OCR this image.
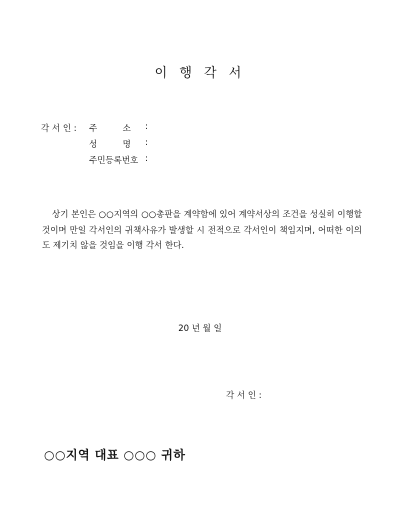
이 행 각 서
각 서 인 : 주	소 :
성	명 :
주민등록번호 :
상기 본인은 ○○지역의 ○○총판을 계약함에 있어 계약서상의 조건을 성실히 이행할 것이며 만일 각서인의 귀책사유가 발생할 시 전적으로 각서인이 책임지며, 어떠한 이의도 제기치 않을 것임을 이행 각서 한다.
20 년 월 일
각 서 인 :
○○지역 대표 ○○○ 귀하
